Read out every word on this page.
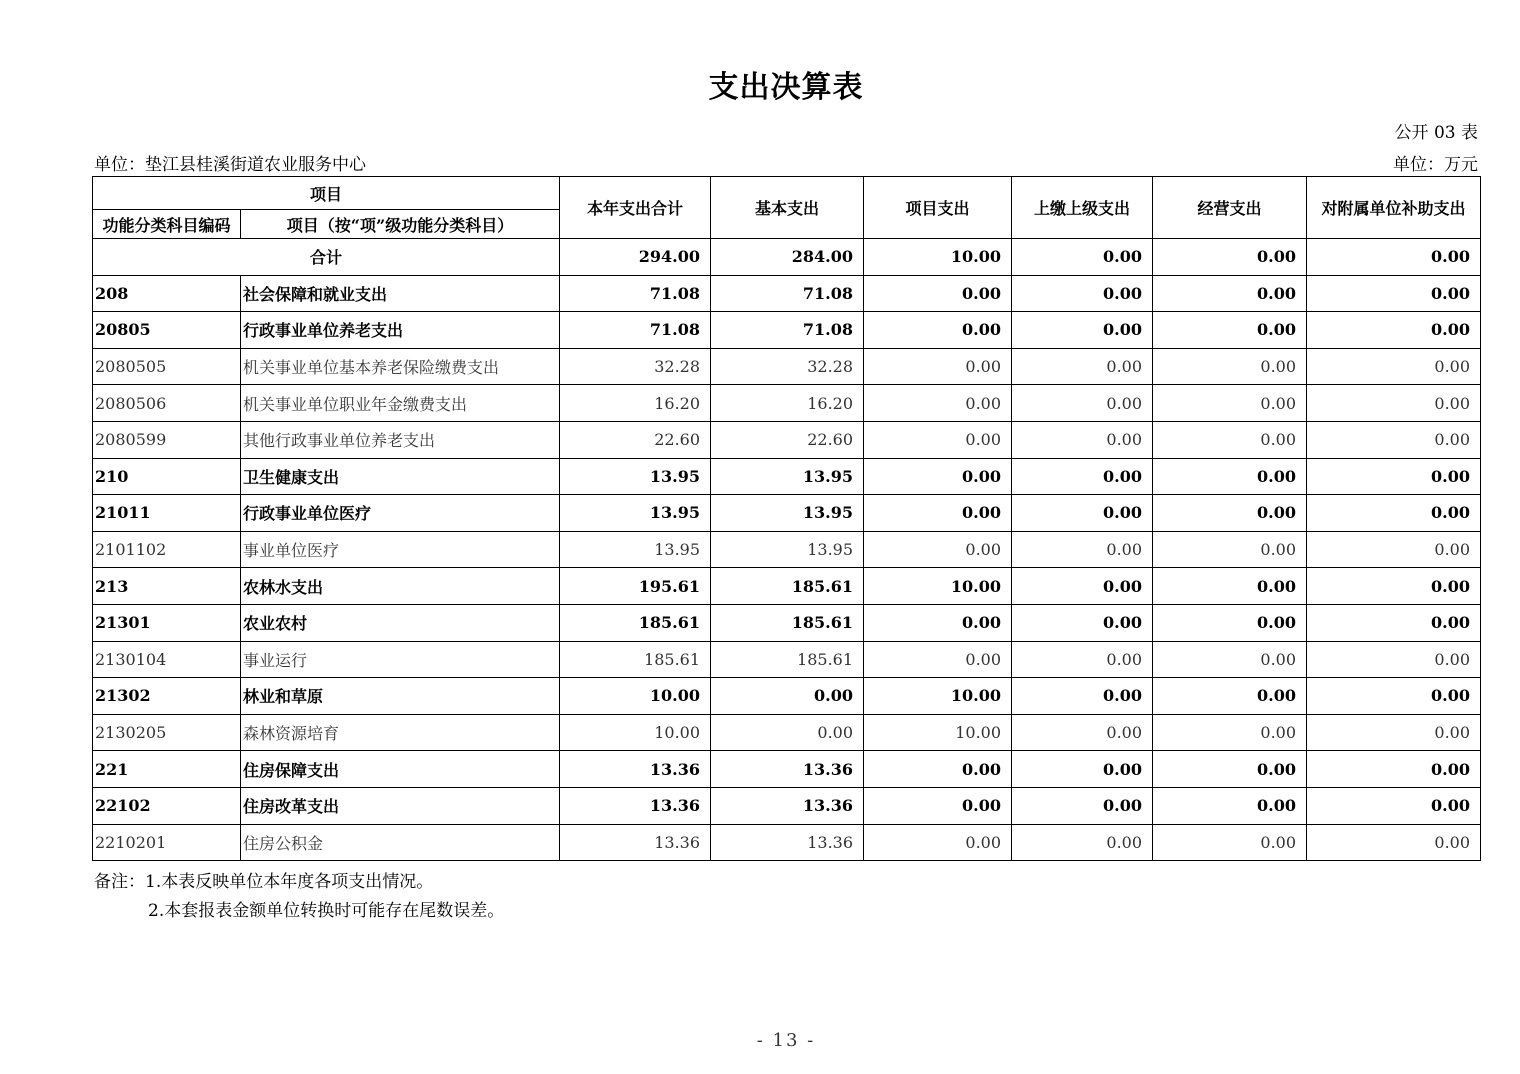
支出决算表
公开 03 表
单位：垫江县桂溪街道农业服务中心	单位：万元
项目		本年支出合计	基本支出	项目支出	上缴上级支出	经营支出	对附属单位补助支出
功能分类科目编码	项目（按“项”级功能分类科目）						
合计		294.00	284.00	10.00	0.00	0.00	0.00
208	社会保障和就业支出	71.08	71.08	0.00	0.00	0.00	0.00
20805	行政事业单位养老支出	71.08	71.08	0.00	0.00	0.00	0.00
2080505	机关事业单位基本养老保险缴费支出	32.28	32.28	0.00	0.00	0.00	0.00
2080506	机关事业单位职业年金缴费支出	16.20	16.20	0.00	0.00	0.00	0.00
2080599	其他行政事业单位养老支出	22.60	22.60	0.00	0.00	0.00	0.00
210	卫生健康支出	13.95	13.95	0.00	0.00	0.00	0.00
21011	行政事业单位医疗	13.95	13.95	0.00	0.00	0.00	0.00
2101102	事业单位医疗	13.95	13.95	0.00	0.00	0.00	0.00
213	农林水支出	195.61	185.61	10.00	0.00	0.00	0.00
21301	农业农村	185.61	185.61	0.00	0.00	0.00	0.00
2130104	事业运行	185.61	185.61	0.00	0.00	0.00	0.00
21302	林业和草原	10.00	0.00	10.00	0.00	0.00	0.00
2130205	森林资源培育	10.00	0.00	10.00	0.00	0.00	0.00
221	住房保障支出	13.36	13.36	0.00	0.00	0.00	0.00
22102	住房改革支出	13.36	13.36	0.00	0.00	0.00	0.00
2210201	住房公积金	13.36	13.36	0.00	0.00	0.00	0.00
备注：1.本表反映单位本年度各项支出情况。
2.本套报表金额单位转换时可能存在尾数误差。
- 13 -
